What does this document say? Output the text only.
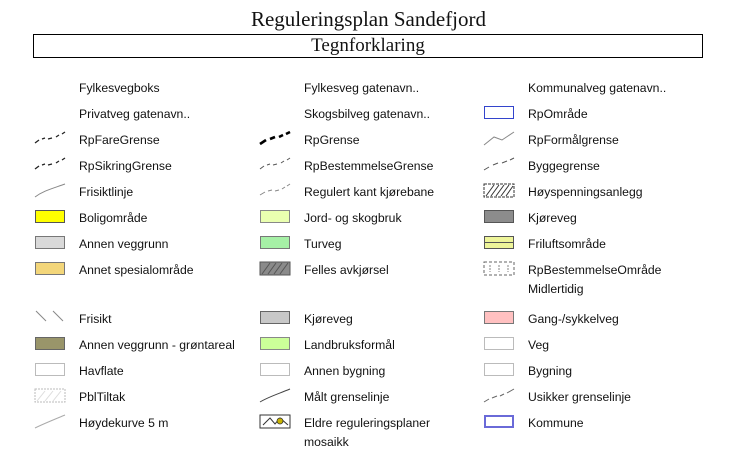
Reguleringsplan Sandefjord
Tegnforklaring
Fylkesvegboks
Privatveg gatenavn..
RpFareGrense
RpSikringGrense
Frisiktlinje
Boligområde
Annen veggrunn
Annet spesialområde
Frisikt
Annen veggrunn - grøntareal
Havflate
PblTiltak
Høydekurve 5 m
Fylkesveg gatenavn..
Skogsbilveg gatenavn..
RpGrense
RpBestemmelseGrense
Regulert kant kjørebane
Jord- og skogbruk
Turveg
Felles avkjørsel
Kjøreveg
Landbruksformål
Annen bygning
Målt grenselinje
Eldre reguleringsplaner
mosaikk
Kommunalveg gatenavn..
RpOmråde
RpFormålgrense
Byggegrense
Høyspenningsanlegg
Kjøreveg
Friluftsområde
RpBestemmelseOmråde
Midlertidig
Gang-/sykkelveg
Veg
Bygning
Usikker grenselinje
Kommune
